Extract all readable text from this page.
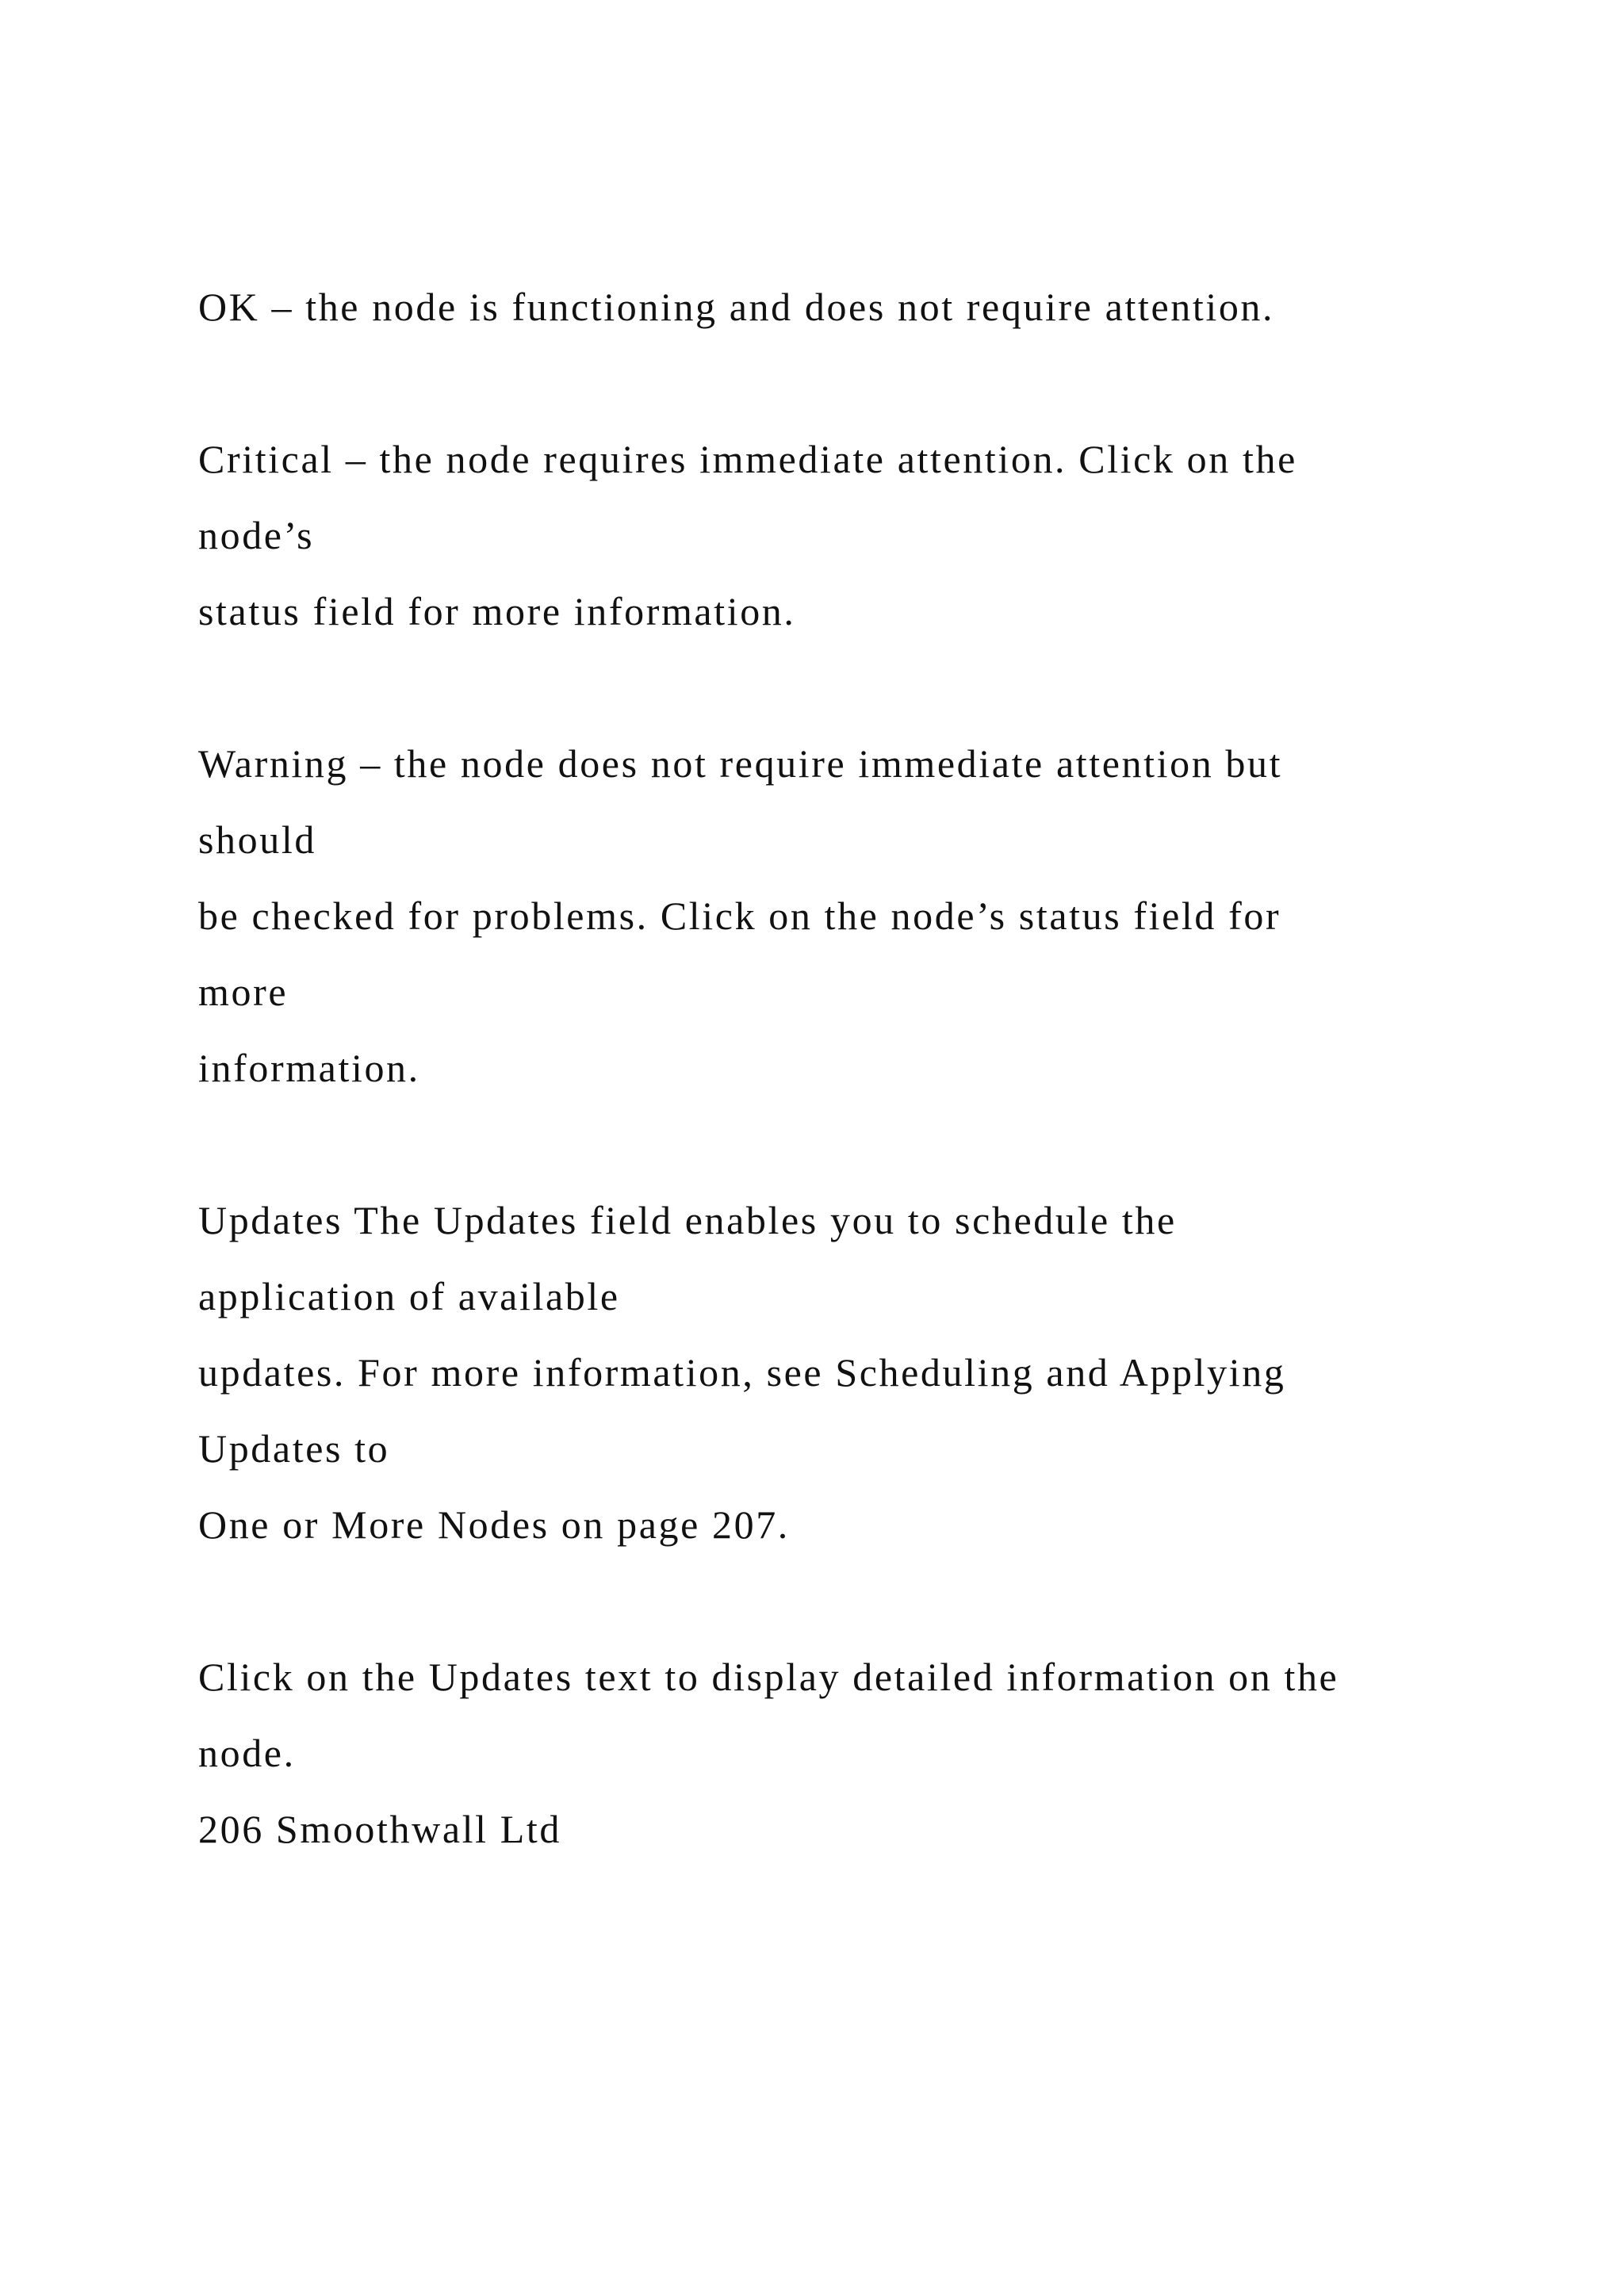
OK – the node is functioning and does not require attention.
Critical – the node requires immediate attention. Click on the
node’s
status field for more information.
Warning – the node does not require immediate attention but
should
be checked for problems. Click on the node’s status field for
more
information.
Updates The Updates field enables you to schedule the
application of available
updates. For more information, see Scheduling and Applying
Updates to
One or More Nodes on page 207.
Click on the Updates text to display detailed information on the
node.
206 Smoothwall Ltd
